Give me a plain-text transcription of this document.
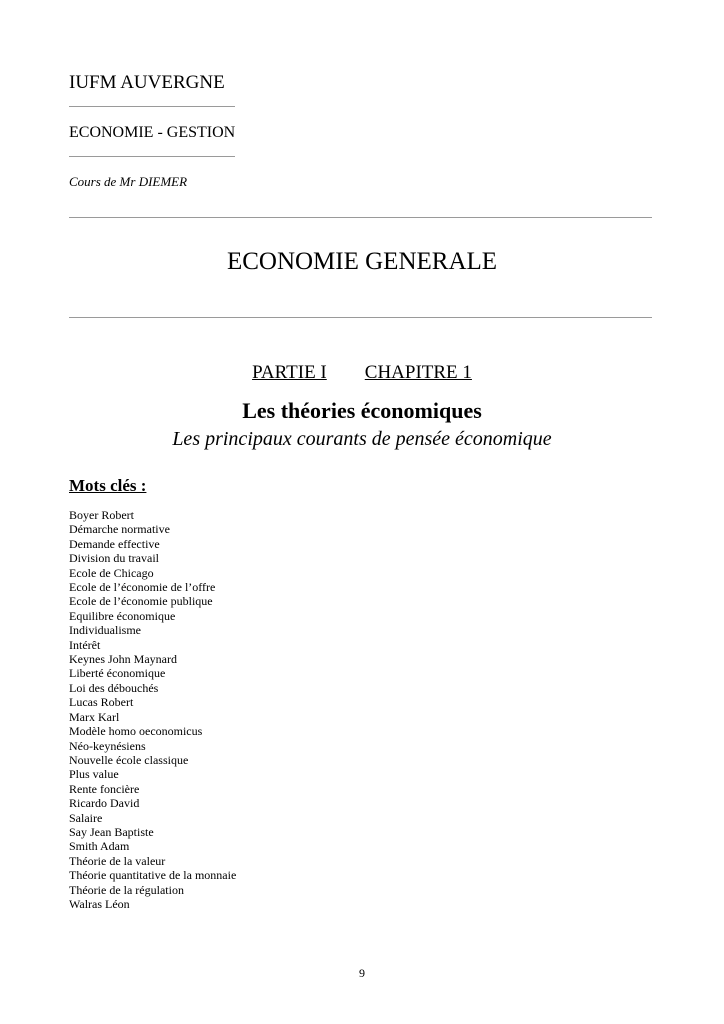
IUFM AUVERGNE
ECONOMIE - GESTION
Cours de Mr DIEMER
ECONOMIE GENERALE
PARTIE I CHAPITRE 1
Les théories économiques
Les principaux courants de pensée économique
Mots clés :
Boyer Robert
Démarche normative
Demande effective
Division du travail
Ecole de Chicago
Ecole de l’économie de l’offre
Ecole de l’économie publique
Equilibre économique
Individualisme
Intérêt
Keynes John Maynard
Liberté économique
Loi des débouchés
Lucas Robert
Marx Karl
Modèle homo oeconomicus
Néo-keynésiens
Nouvelle école classique
Plus value
Rente foncière
Ricardo David
Salaire
Say Jean Baptiste
Smith Adam
Théorie de la valeur
Théorie quantitative de la monnaie
Théorie de la régulation
Walras Léon
9
